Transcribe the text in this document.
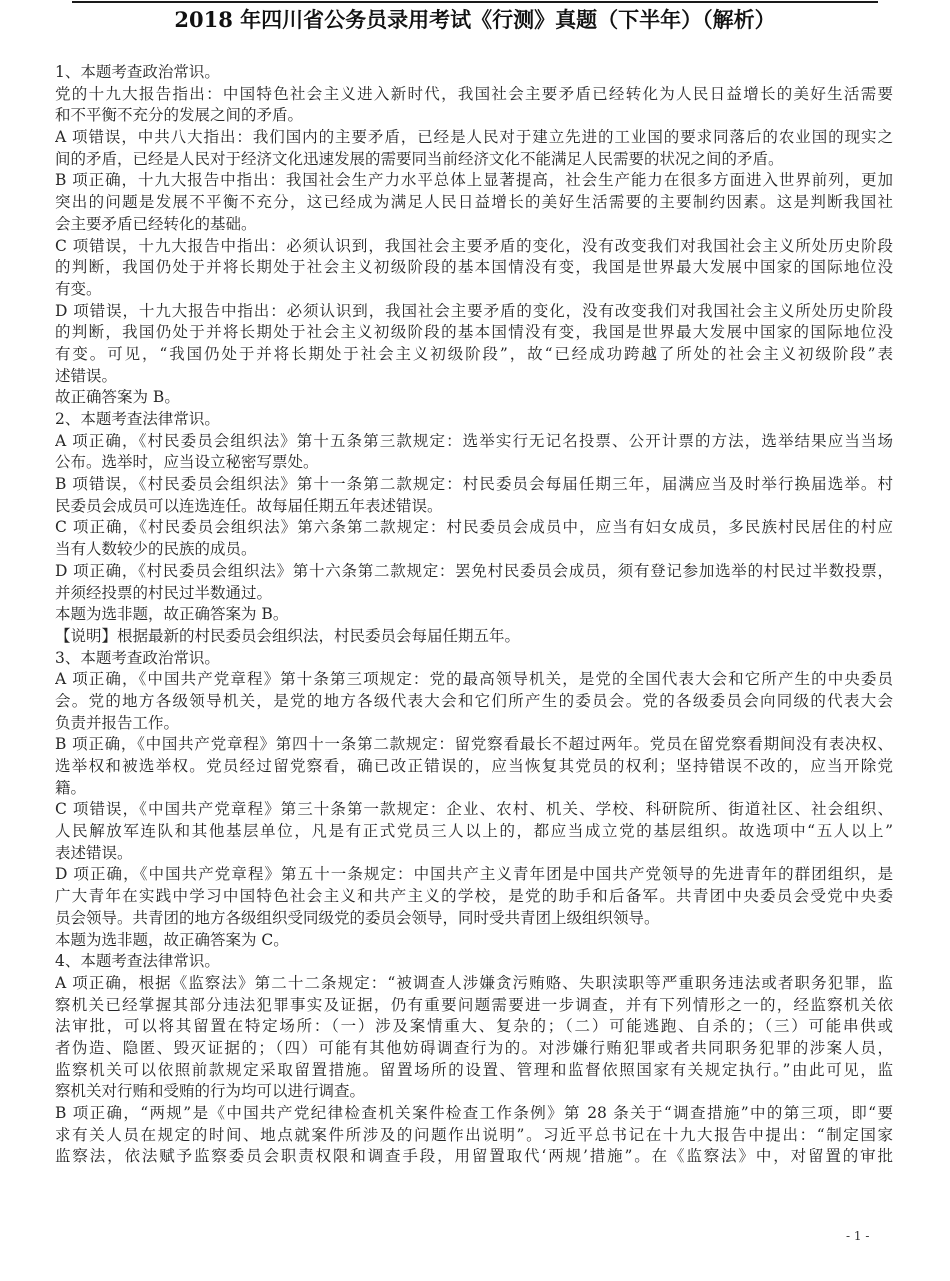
2018 年四川省公务员录用考试《行测》真题（下半年）（解析）
1、本题考查政治常识。
党的十九大报告指出：中国特色社会主义进入新时代，我国社会主要矛盾已经转化为人民日益增长的美好生活需要
和不平衡不充分的发展之间的矛盾。
A 项错误，中共八大指出：我们国内的主要矛盾，已经是人民对于建立先进的工业国的要求同落后的农业国的现实之
间的矛盾，已经是人民对于经济文化迅速发展的需要同当前经济文化不能满足人民需要的状况之间的矛盾。
B 项正确，十九大报告中指出：我国社会生产力水平总体上显著提高，社会生产能力在很多方面进入世界前列，更加
突出的问题是发展不平衡不充分，这已经成为满足人民日益增长的美好生活需要的主要制约因素。这是判断我国社
会主要矛盾已经转化的基础。
C 项错误，十九大报告中指出：必须认识到，我国社会主要矛盾的变化，没有改变我们对我国社会主义所处历史阶段
的判断，我国仍处于并将长期处于社会主义初级阶段的基本国情没有变，我国是世界最大发展中国家的国际地位没
有变。
D 项错误，十九大报告中指出：必须认识到，我国社会主要矛盾的变化，没有改变我们对我国社会主义所处历史阶段
的判断，我国仍处于并将长期处于社会主义初级阶段的基本国情没有变，我国是世界最大发展中国家的国际地位没
有变。可见，“我国仍处于并将长期处于社会主义初级阶段”，故“已经成功跨越了所处的社会主义初级阶段”表
述错误。
故正确答案为 B。
2、本题考查法律常识。
A 项正确，《村民委员会组织法》第十五条第三款规定：选举实行无记名投票、公开计票的方法，选举结果应当当场
公布。选举时，应当设立秘密写票处。
B 项错误，《村民委员会组织法》第十一条第二款规定：村民委员会每届任期三年，届满应当及时举行换届选举。村
民委员会成员可以连选连任。故每届任期五年表述错误。
C 项正确，《村民委员会组织法》第六条第二款规定：村民委员会成员中，应当有妇女成员，多民族村民居住的村应
当有人数较少的民族的成员。
D 项正确，《村民委员会组织法》第十六条第二款规定：罢免村民委员会成员，须有登记参加选举的村民过半数投票，
并须经投票的村民过半数通过。
本题为选非题，故正确答案为 B。
【说明】根据最新的村民委员会组织法，村民委员会每届任期五年。
3、本题考查政治常识。
A 项正确，《中国共产党章程》第十条第三项规定：党的最高领导机关，是党的全国代表大会和它所产生的中央委员
会。党的地方各级领导机关，是党的地方各级代表大会和它们所产生的委员会。党的各级委员会向同级的代表大会
负责并报告工作。
B 项正确，《中国共产党章程》第四十一条第二款规定：留党察看最长不超过两年。党员在留党察看期间没有表决权、
选举权和被选举权。党员经过留党察看，确已改正错误的，应当恢复其党员的权利；坚持错误不改的，应当开除党
籍。
C 项错误，《中国共产党章程》第三十条第一款规定：企业、农村、机关、学校、科研院所、街道社区、社会组织、
人民解放军连队和其他基层单位，凡是有正式党员三人以上的，都应当成立党的基层组织。故选项中“五人以上”
表述错误。
D 项正确，《中国共产党章程》第五十一条规定：中国共产主义青年团是中国共产党领导的先进青年的群团组织，是
广大青年在实践中学习中国特色社会主义和共产主义的学校，是党的助手和后备军。共青团中央委员会受党中央委
员会领导。共青团的地方各级组织受同级党的委员会领导，同时受共青团上级组织领导。
本题为选非题，故正确答案为 C。
4、本题考查法律常识。
A 项正确，根据《监察法》第二十二条规定：“被调查人涉嫌贪污贿赂、失职渎职等严重职务违法或者职务犯罪，监
察机关已经掌握其部分违法犯罪事实及证据，仍有重要问题需要进一步调查，并有下列情形之一的，经监察机关依
法审批，可以将其留置在特定场所：（一）涉及案情重大、复杂的；（二）可能逃跑、自杀的；（三）可能串供或
者伪造、隐匿、毁灭证据的；（四）可能有其他妨碍调查行为的。对涉嫌行贿犯罪或者共同职务犯罪的涉案人员，
监察机关可以依照前款规定采取留置措施。留置场所的设置、管理和监督依照国家有关规定执行。”由此可见，监
察机关对行贿和受贿的行为均可以进行调查。
B 项正确，“两规”是《中国共产党纪律检查机关案件检查工作条例》第 28 条关于“调查措施”中的第三项，即“要
求有关人员在规定的时间、地点就案件所涉及的问题作出说明”。习近平总书记在十九大报告中提出：“制定国家
监察法，依法赋予监察委员会职责权限和调查手段，用留置取代‘两规’措施”。在《监察法》中，对留置的审批
- 1 -
